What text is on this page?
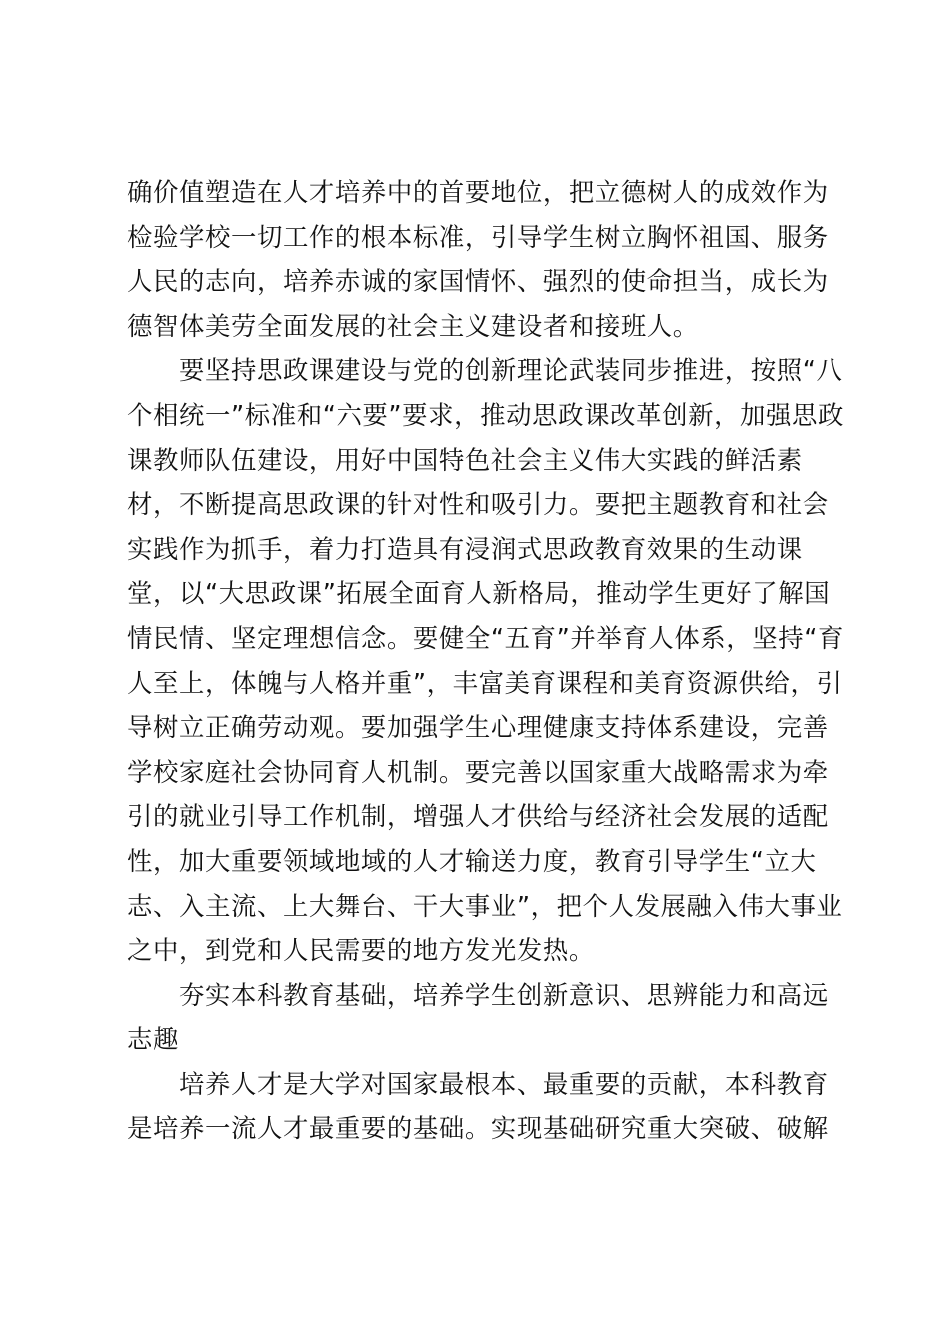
确价值塑造在人才培养中的首要地位，把立德树人的成效作为
检验学校一切工作的根本标准，引导学生树立胸怀祖国、服务
人民的志向，培养赤诚的家国情怀、强烈的使命担当，成长为
德智体美劳全面发展的社会主义建设者和接班人。
　　要坚持思政课建设与党的创新理论武装同步推进，按照“八
个相统一”标准和“六要”要求，推动思政课改革创新，加强思政
课教师队伍建设，用好中国特色社会主义伟大实践的鲜活素
材，不断提高思政课的针对性和吸引力。要把主题教育和社会
实践作为抓手，着力打造具有浸润式思政教育效果的生动课
堂，以“大思政课”拓展全面育人新格局，推动学生更好了解国
情民情、坚定理想信念。要健全“五育”并举育人体系，坚持“育
人至上，体魄与人格并重”，丰富美育课程和美育资源供给，引
导树立正确劳动观。要加强学生心理健康支持体系建设，完善
学校家庭社会协同育人机制。要完善以国家重大战略需求为牵
引的就业引导工作机制，增强人才供给与经济社会发展的适配
性，加大重要领域地域的人才输送力度，教育引导学生“立大
志、入主流、上大舞台、干大事业”，把个人发展融入伟大事业
之中，到党和人民需要的地方发光发热。
　　夯实本科教育基础，培养学生创新意识、思辨能力和高远
志趣
　　培养人才是大学对国家最根本、最重要的贡献，本科教育
是培养一流人才最重要的基础。实现基础研究重大突破、破解
